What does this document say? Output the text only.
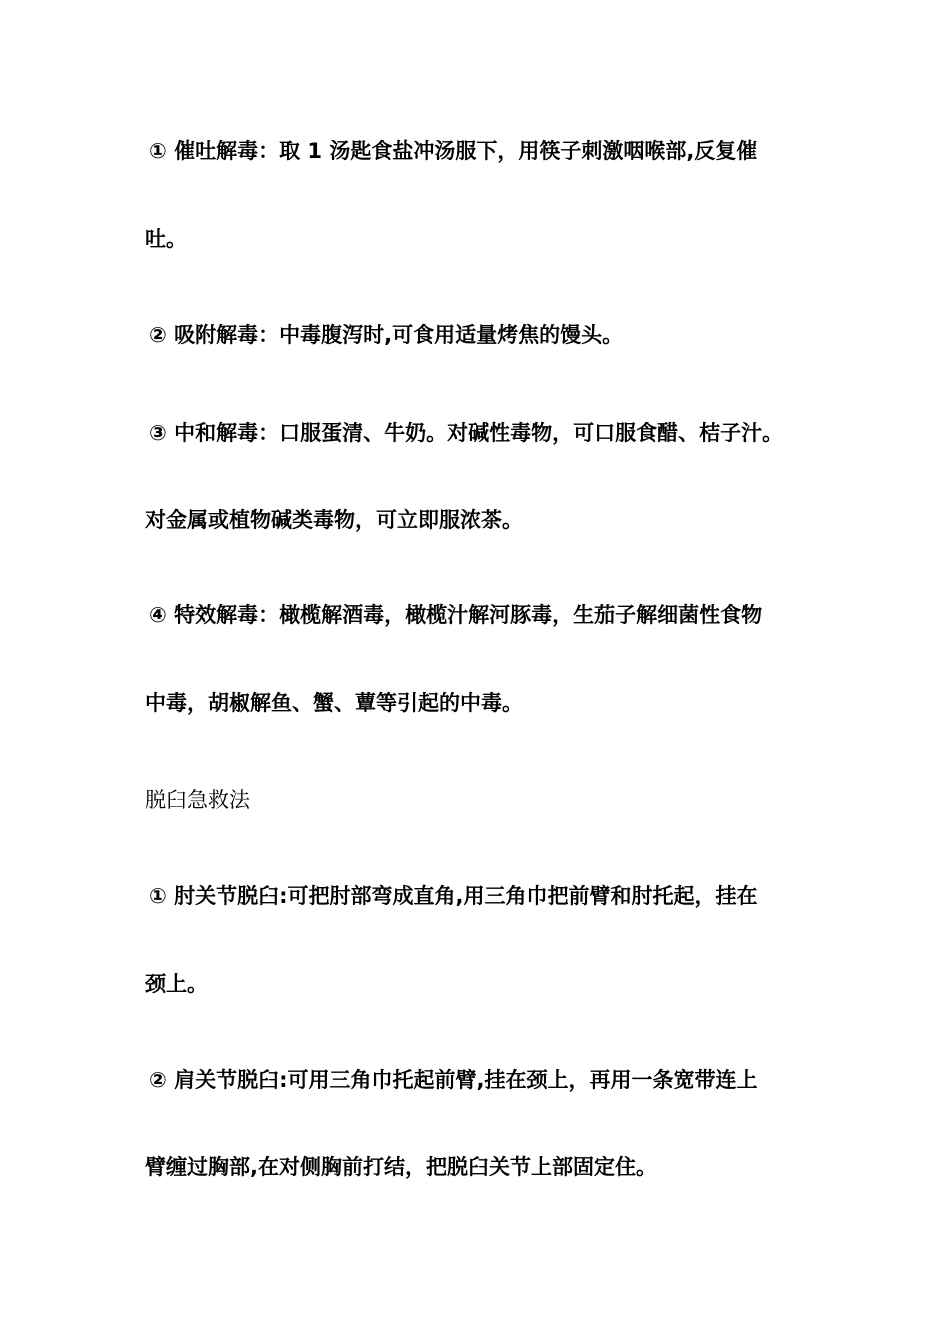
① 催吐解毒：取 1 汤匙食盐冲汤服下，用筷子刺激咽喉部,反复催
吐。
② 吸附解毒：中毒腹泻时,可食用适量烤焦的馒头。
③ 中和解毒：口服蛋清、牛奶。对碱性毒物，可口服食醋、桔子汁。
对金属或植物碱类毒物，可立即服浓茶。
④ 特效解毒：橄榄解酒毒，橄榄汁解河豚毒，生茄子解细菌性食物
中毒，胡椒解鱼、蟹、蕈等引起的中毒。
脱臼急救法
① 肘关节脱臼:可把肘部弯成直角,用三角巾把前臂和肘托起，挂在
颈上。
② 肩关节脱臼:可用三角巾托起前臂,挂在颈上，再用一条宽带连上
臂缠过胸部,在对侧胸前打结，把脱臼关节上部固定住。
